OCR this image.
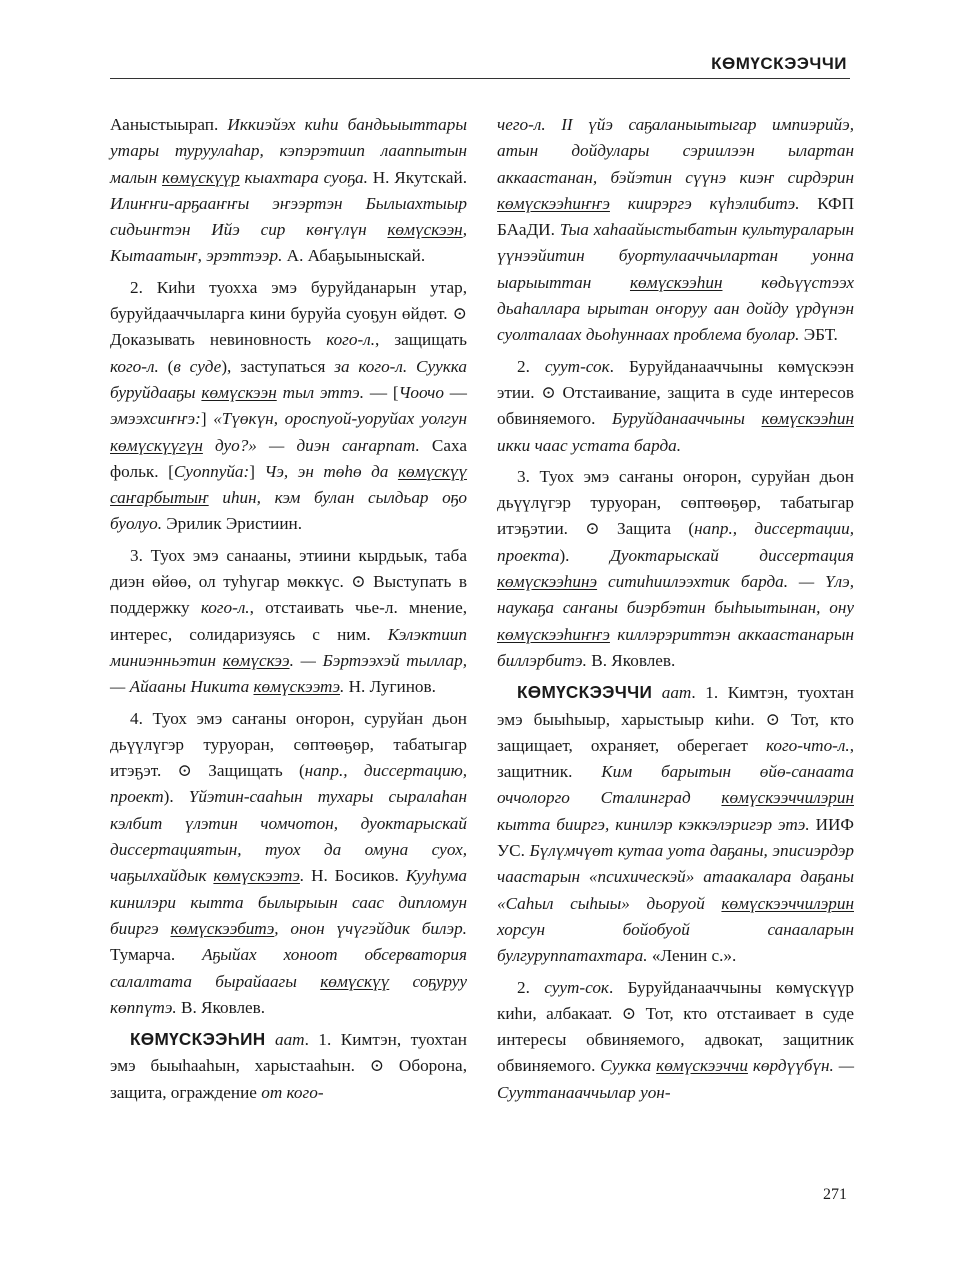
КӨМҮСКЭЭЧЧИ

Ааныстыырап. Иккиэйэх киһи бандьыыттары утары туруулаһар, кэпэрэтиип лааппытын малын көмүскүүр кыахтара суоҕа. Н. Якутскай. Илиҥҥи-арҕааҥҥы эҥээртэн Былыахтыыр сидьиҥтэн Ийэ сир көҥүлүн көмүскээн, Кытаатыҥ, эрэттээр. А. Абаҕыыныскай.

2. Киһи туохха эмэ буруйданарын утар, буруйдааччыларга кини буруйа суоҕун өйдөт. ⊙ Доказывать невиновность кого-л., защищать кого-л. (в суде), заступаться за кого-л. Суукка буруйдааҕы көмүскээн тыл эттэ. — [Чоочо — эмээхсиҥҥэ:] «Түөкүн, ороспуой-уоруйах уолгун көмүскүүгүн дуо?» — диэн саҥарпат. Саха фольк. [Суоппуйа:] Чэ, эн төһө да көмүскүү саҥарбытыҥ иһин, кэм булан сылдьар оҕо буолуо. Эрилик Эристиин.

3. Туох эмэ санааны, этиини кырдьык, таба диэн өйөө, ол туһугар мөккүс. ⊙ Выступать в поддержку кого-л., отстаивать чье-л. мнение, интерес, солидаризуясь с ним. Кэлэктиип миниэнньэтин көмүскээ. — Бэртээхэй тыллар, — Айааны Никита көмүскээтэ. Н. Лугинов.

4. Туох эмэ саҥаны оҥорон, суруйан дьон дьүүлүгэр туруоран, сөптөөҕөр, табатыгар итэҕэт. ⊙ Защищать (напр., диссертацию, проект). Үйэтин-сааһын тухары сыралаһан кэлбит үлэтин чомчотон, дуоктарыскай диссертациятын, туох да омуна суох, чаҕылхайдык көмүскээтэ. Н. Босиков. Кууһума кинилэри кытта былырыын саас дипломун бииргэ көмүскээбитэ, онон үчүгэйдик билэр. Тумарча. Аҕыйах хоноот обсерватория салалтата бырайаагы көмүскүү соҕуруу көппүтэ. В. Яковлев.

КӨМҮСКЭЭҺИН аат. 1. Кимтэн, туохтан эмэ быыһааһын, харыстааһын. ⊙ Оборона, защита, ограждение от кого-

чего-л. II үйэ саҕаланыытыгар импиэрийэ, атын дойдулары сэриилээн ылартан аккаастанан, бэйэтин сүүнэ киэҥ сирдэрин көмүскээһиҥҥэ киирэргэ күһэлибитэ. КФП БАаДИ. Тыа хаһаайыстыбатын культураларын үүнээйитин буортулааччылартан уонна ыарыыттан көмүскээһин көдьүүстээх дьаһаллара ырытан оҥоруу аан дойду үрдүнэн суолталаах дьоһуннаах проблема буолар. ЭБТ.

2. суут-сок. Буруйданааччыны көмүскээн этии. ⊙ Отстаивание, защита в суде интересов обвиняемого. Буруйданааччыны көмүскээһин икки чаас устата барда.

3. Туох эмэ саҥаны оҥорон, суруйан дьон дьүүлүгэр туруоран, сөптөөҕөр, табатыгар итэҕэтии. ⊙ Защита (напр., диссертации, проекта). Дуоктарыскай диссертация көмүскээһинэ ситиһиилээхтик барда. — Үлэ, наукаҕа саҥаны биэрбэтин быһыытынан, ону көмүскээһиҥҥэ киллэрэриттэн аккаастанарын биллэрбитэ. В. Яковлев.

КӨМҮСКЭЭЧЧИ аат. 1. Кимтэн, туохтан эмэ быыһыыр, харыстыыр киһи. ⊙ Тот, кто защищает, охраняет, оберегает кого-что-л., защитник. Ким барытын өйө-санаата оччолорго Сталинград көмүскээччилэрин кытта бииргэ, кинилэр кэккэлэригэр этэ. ИИФ УС. Бүлүмчүөт кутаа уота даҕаны, эписиэрдэр чаастарын «психическэй» атаакалара даҕаны «Саһыл сыһыы» дьоруой көмүскээччилэрин хорсун бойобуой санааларын булгуруппатахтара. «Ленин с.».

2. суут-сок. Буруйданааччыны көмүскүүр киһи, албакаат. ⊙ Тот, кто отстаивает в суде интересы обвиняемого, адвокат, защитник обвиняемого. Суукка көмүскээччи көрдүүбүн. — Сууттанааччылар уон-

271
